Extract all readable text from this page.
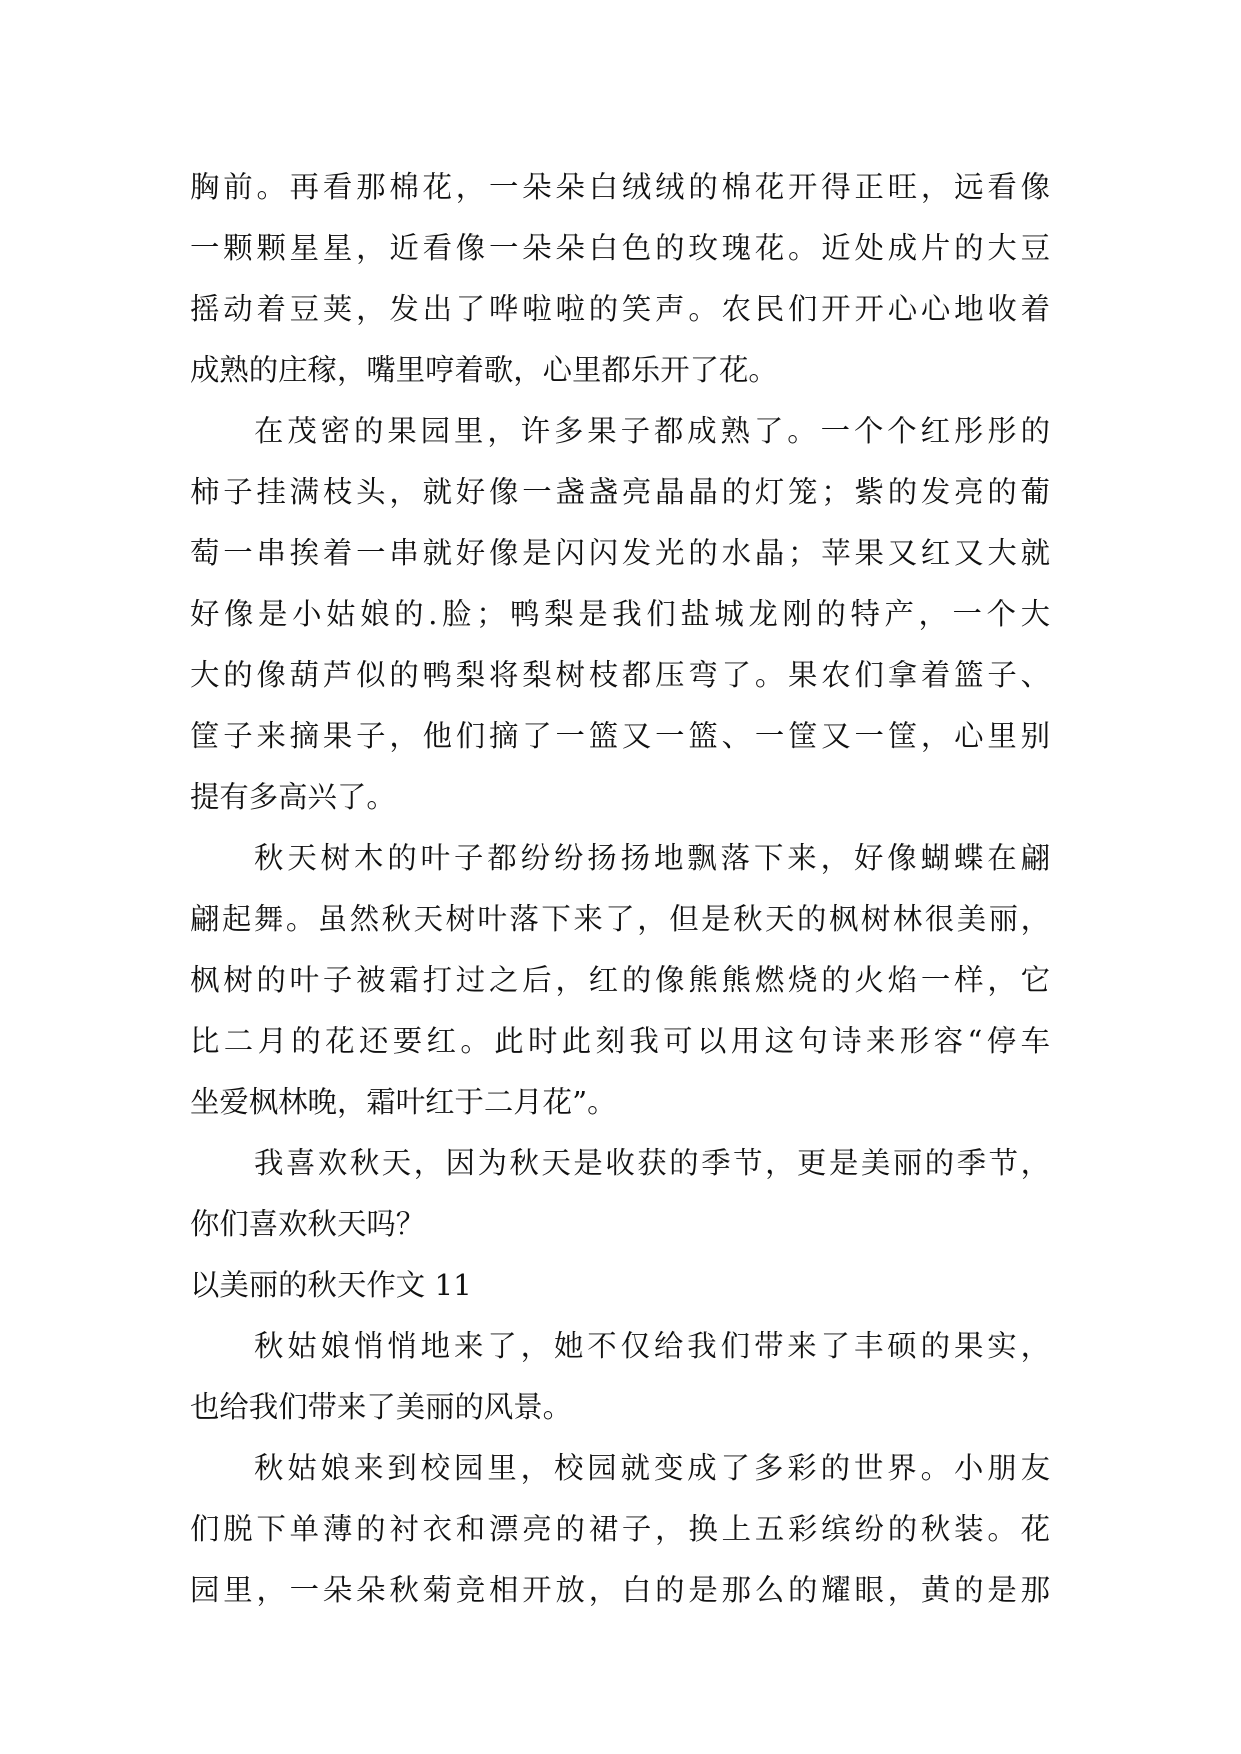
胸前。再看那棉花，一朵朵白绒绒的棉花开得正旺，远看像
一颗颗星星，近看像一朵朵白色的玫瑰花。近处成片的大豆
摇动着豆荚，发出了哗啦啦的笑声。农民们开开心心地收着
成熟的庄稼，嘴里哼着歌，心里都乐开了花。
在茂密的果园里，许多果子都成熟了。一个个红彤彤的
柿子挂满枝头，就好像一盏盏亮晶晶的灯笼；紫的发亮的葡
萄一串挨着一串就好像是闪闪发光的水晶；苹果又红又大就
好像是小姑娘的.脸；鸭梨是我们盐城龙刚的特产，一个大
大的像葫芦似的鸭梨将梨树枝都压弯了。果农们拿着篮子、
筐子来摘果子，他们摘了一篮又一篮、一筐又一筐，心里别
提有多高兴了。
秋天树木的叶子都纷纷扬扬地飘落下来，好像蝴蝶在翩
翩起舞。虽然秋天树叶落下来了，但是秋天的枫树林很美丽，
枫树的叶子被霜打过之后，红的像熊熊燃烧的火焰一样，它
比二月的花还要红。此时此刻我可以用这句诗来形容“停车
坐爱枫林晚，霜叶红于二月花”。
我喜欢秋天，因为秋天是收获的季节，更是美丽的季节，
你们喜欢秋天吗？
以美丽的秋天作文 11
秋姑娘悄悄地来了，她不仅给我们带来了丰硕的果实，
也给我们带来了美丽的风景。
秋姑娘来到校园里，校园就变成了多彩的世界。小朋友
们脱下单薄的衬衣和漂亮的裙子，换上五彩缤纷的秋装。花
园里，一朵朵秋菊竞相开放，白的是那么的耀眼，黄的是那
